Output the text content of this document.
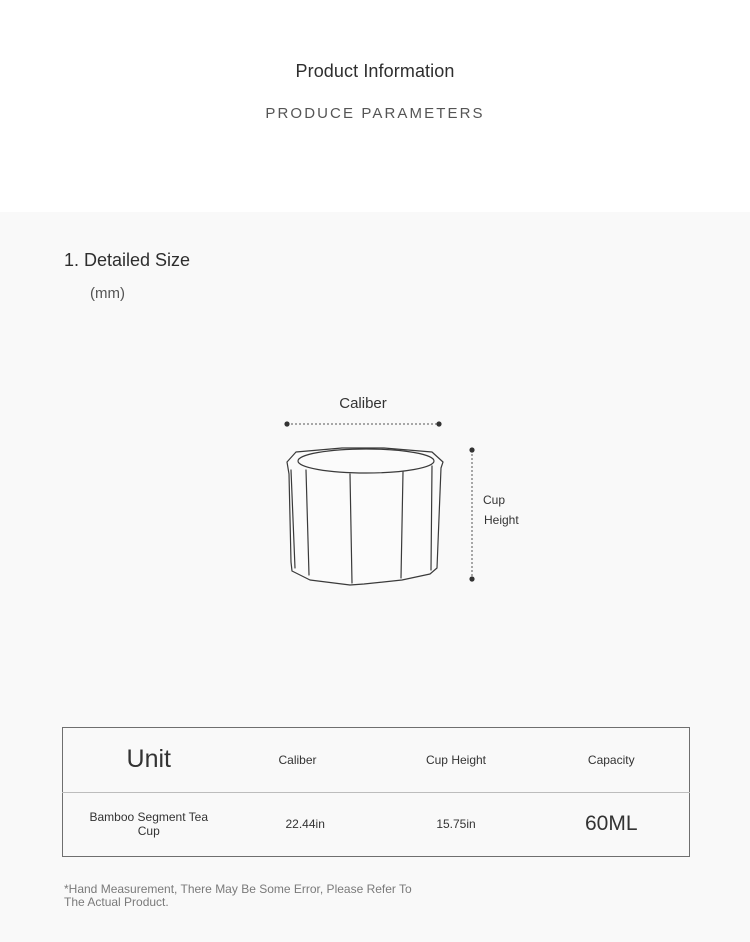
Product Information
PRODUCE PARAMETERS
1. Detailed Size
(mm)
Caliber
Cup
Height
Unit	Caliber	Cup Height	Capacity
Bamboo Segment Tea Cup	22.44in	15.75in	60ML
*Hand Measurement, There May Be Some Error, Please Refer To The Actual Product.
